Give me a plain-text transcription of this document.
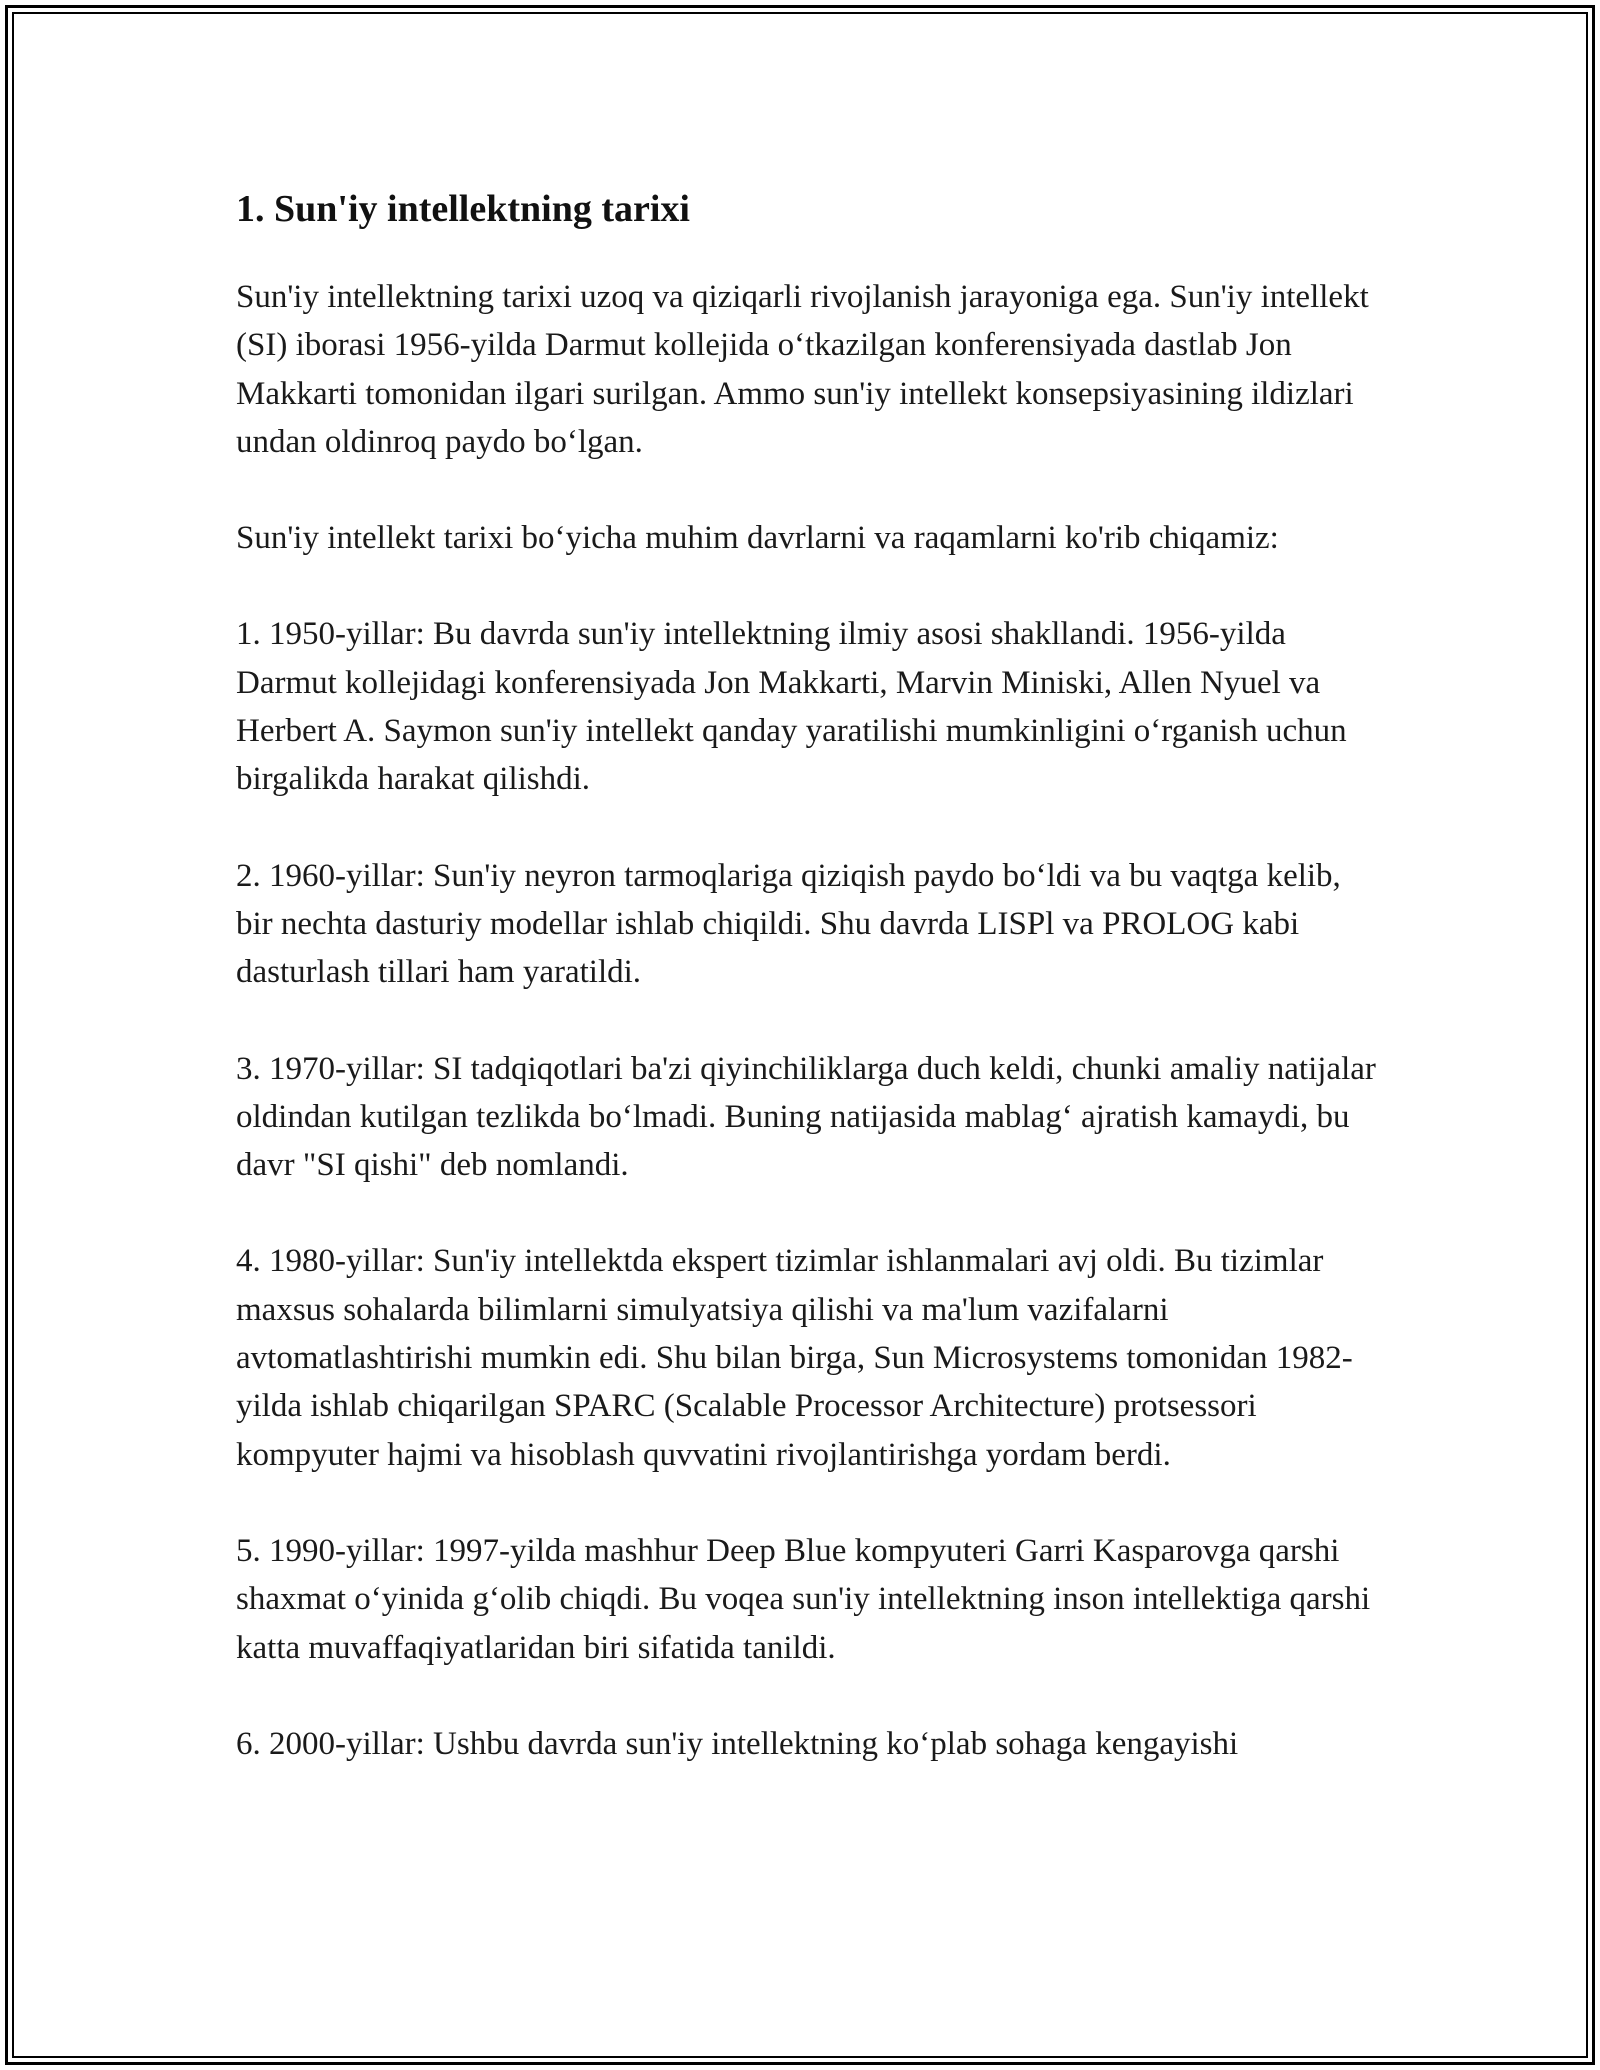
1. Sun'iy intellektning tarixi

Sun'iy intellektning tarixi uzoq va qiziqarli rivojlanish jarayoniga ega. Sun'iy intellekt (SI) iborasi 1956-yilda Darmut kollejida o‘tkazilgan konferensiyada dastlab Jon Makkarti tomonidan ilgari surilgan. Ammo sun'iy intellekt konsepsiyasining ildizlari undan oldinroq paydo bo‘lgan.

Sun'iy intellekt tarixi bo‘yicha muhim davrlarni va raqamlarni ko'rib chiqamiz:

1. 1950-yillar: Bu davrda sun'iy intellektning ilmiy asosi shakllandi. 1956-yilda Darmut kollejidagi konferensiyada Jon Makkarti, Marvin Miniski, Allen Nyuel va Herbert A. Saymon sun'iy intellekt qanday yaratilishi mumkinligini o‘rganish uchun birgalikda harakat qilishdi.

2. 1960-yillar: Sun'iy neyron tarmoqlariga qiziqish paydo bo‘ldi va bu vaqtga kelib, bir nechta dasturiy modellar ishlab chiqildi. Shu davrda LISPl va PROLOG kabi dasturlash tillari ham yaratildi.

3. 1970-yillar: SI tadqiqotlari ba'zi qiyinchiliklarga duch keldi, chunki amaliy natijalar oldindan kutilgan tezlikda bo‘lmadi. Buning natijasida mablag‘ ajratish kamaydi, bu davr "SI qishi" deb nomlandi.

4. 1980-yillar: Sun'iy intellektda ekspert tizimlar ishlanmalari avj oldi. Bu tizimlar maxsus sohalarda bilimlarni simulyatsiya qilishi va ma'lum vazifalarni avtomatlashtirishi mumkin edi. Shu bilan birga, Sun Microsystems tomonidan 1982-yilda ishlab chiqarilgan SPARC (Scalable Processor Architecture) protsessori kompyuter hajmi va hisoblash quvvatini rivojlantirishga yordam berdi.

5. 1990-yillar: 1997-yilda mashhur Deep Blue kompyuteri Garri Kasparovga qarshi shaxmat o‘yinida g‘olib chiqdi. Bu voqea sun'iy intellektning inson intellektiga qarshi katta muvaffaqiyatlaridan biri sifatida tanildi.

6. 2000-yillar: Ushbu davrda sun'iy intellektning ko‘plab sohaga kengayishi
